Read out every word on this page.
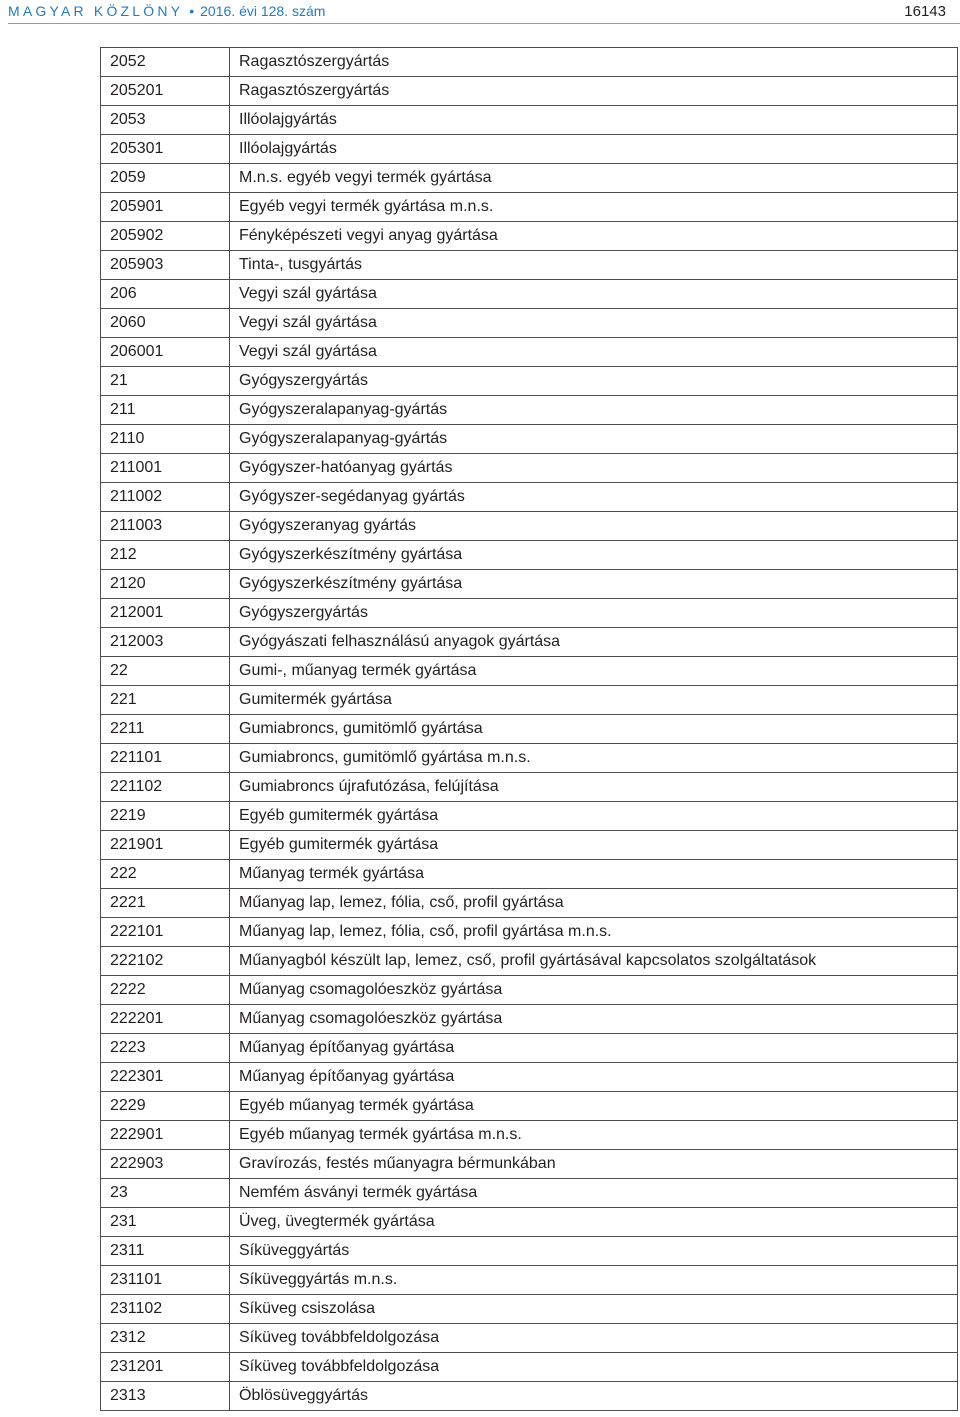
MAGYAR KÖZLÖNY • 2016. évi 128. szám	16143
2052	Ragasztószergyártás
205201	Ragasztószergyártás
2053	Illóolajgyártás
205301	Illóolajgyártás
2059	M.n.s. egyéb vegyi termék gyártása
205901	Egyéb vegyi termék gyártása m.n.s.
205902	Fényképészeti vegyi anyag gyártása
205903	Tinta-, tusgyártás
206	Vegyi szál gyártása
2060	Vegyi szál gyártása
206001	Vegyi szál gyártása
21	Gyógyszergyártás
211	Gyógyszeralapanyag-gyártás
2110	Gyógyszeralapanyag-gyártás
211001	Gyógyszer-hatóanyag gyártás
211002	Gyógyszer-segédanyag gyártás
211003	Gyógyszeranyag gyártás
212	Gyógyszerkészítmény gyártása
2120	Gyógyszerkészítmény gyártása
212001	Gyógyszergyártás
212003	Gyógyászati felhasználású anyagok gyártása
22	Gumi-, műanyag termék gyártása
221	Gumitermék gyártása
2211	Gumiabroncs, gumitömlő gyártása
221101	Gumiabroncs, gumitömlő gyártása m.n.s.
221102	Gumiabroncs újrafutózása, felújítása
2219	Egyéb gumitermék gyártása
221901	Egyéb gumitermék gyártása
222	Műanyag termék gyártása
2221	Műanyag lap, lemez, fólia, cső, profil gyártása
222101	Műanyag lap, lemez, fólia, cső, profil gyártása m.n.s.
222102	Műanyagból készült lap, lemez, cső, profil gyártásával kapcsolatos szolgáltatások
2222	Műanyag csomagolóeszköz gyártása
222201	Műanyag csomagolóeszköz gyártása
2223	Műanyag építőanyag gyártása
222301	Műanyag építőanyag gyártása
2229	Egyéb műanyag termék gyártása
222901	Egyéb műanyag termék gyártása m.n.s.
222903	Gravírozás, festés műanyagra bérmunkában
23	Nemfém ásványi termék gyártása
231	Üveg, üvegtermék gyártása
2311	Síküveggyártás
231101	Síküveggyártás m.n.s.
231102	Síküveg csiszolása
2312	Síküveg továbbfeldolgozása
231201	Síküveg továbbfeldolgozása
2313	Öblösüveggyártás
